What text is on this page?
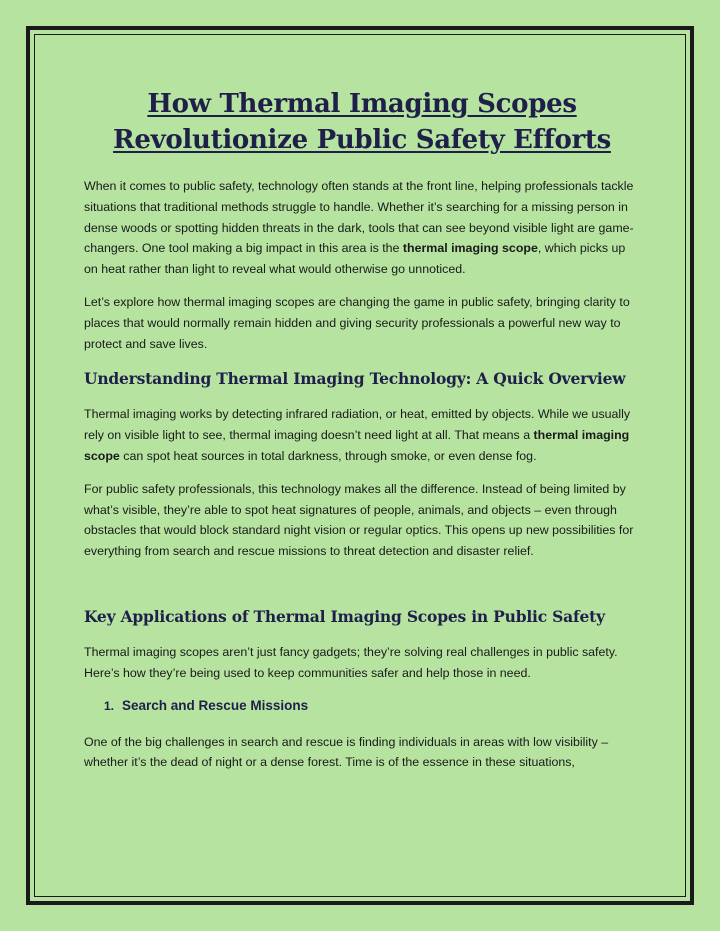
How Thermal Imaging Scopes
Revolutionize Public Safety Efforts

When it comes to public safety, technology often stands at the front line, helping professionals tackle situations that traditional methods struggle to handle. Whether it’s searching for a missing person in dense woods or spotting hidden threats in the dark, tools that can see beyond visible light are game-changers. One tool making a big impact in this area is the thermal imaging scope, which picks up on heat rather than light to reveal what would otherwise go unnoticed.

Let’s explore how thermal imaging scopes are changing the game in public safety, bringing clarity to places that would normally remain hidden and giving security professionals a powerful new way to protect and save lives.

Understanding Thermal Imaging Technology: A Quick Overview

Thermal imaging works by detecting infrared radiation, or heat, emitted by objects. While we usually rely on visible light to see, thermal imaging doesn’t need light at all. That means a thermal imaging scope can spot heat sources in total darkness, through smoke, or even dense fog.

For public safety professionals, this technology makes all the difference. Instead of being limited by what’s visible, they’re able to spot heat signatures of people, animals, and objects – even through obstacles that would block standard night vision or regular optics. This opens up new possibilities for everything from search and rescue missions to threat detection and disaster relief.

Key Applications of Thermal Imaging Scopes in Public Safety

Thermal imaging scopes aren’t just fancy gadgets; they’re solving real challenges in public safety. Here’s how they’re being used to keep communities safer and help those in need.

1. Search and Rescue Missions

One of the big challenges in search and rescue is finding individuals in areas with low visibility – whether it’s the dead of night or a dense forest. Time is of the essence in these situations,
